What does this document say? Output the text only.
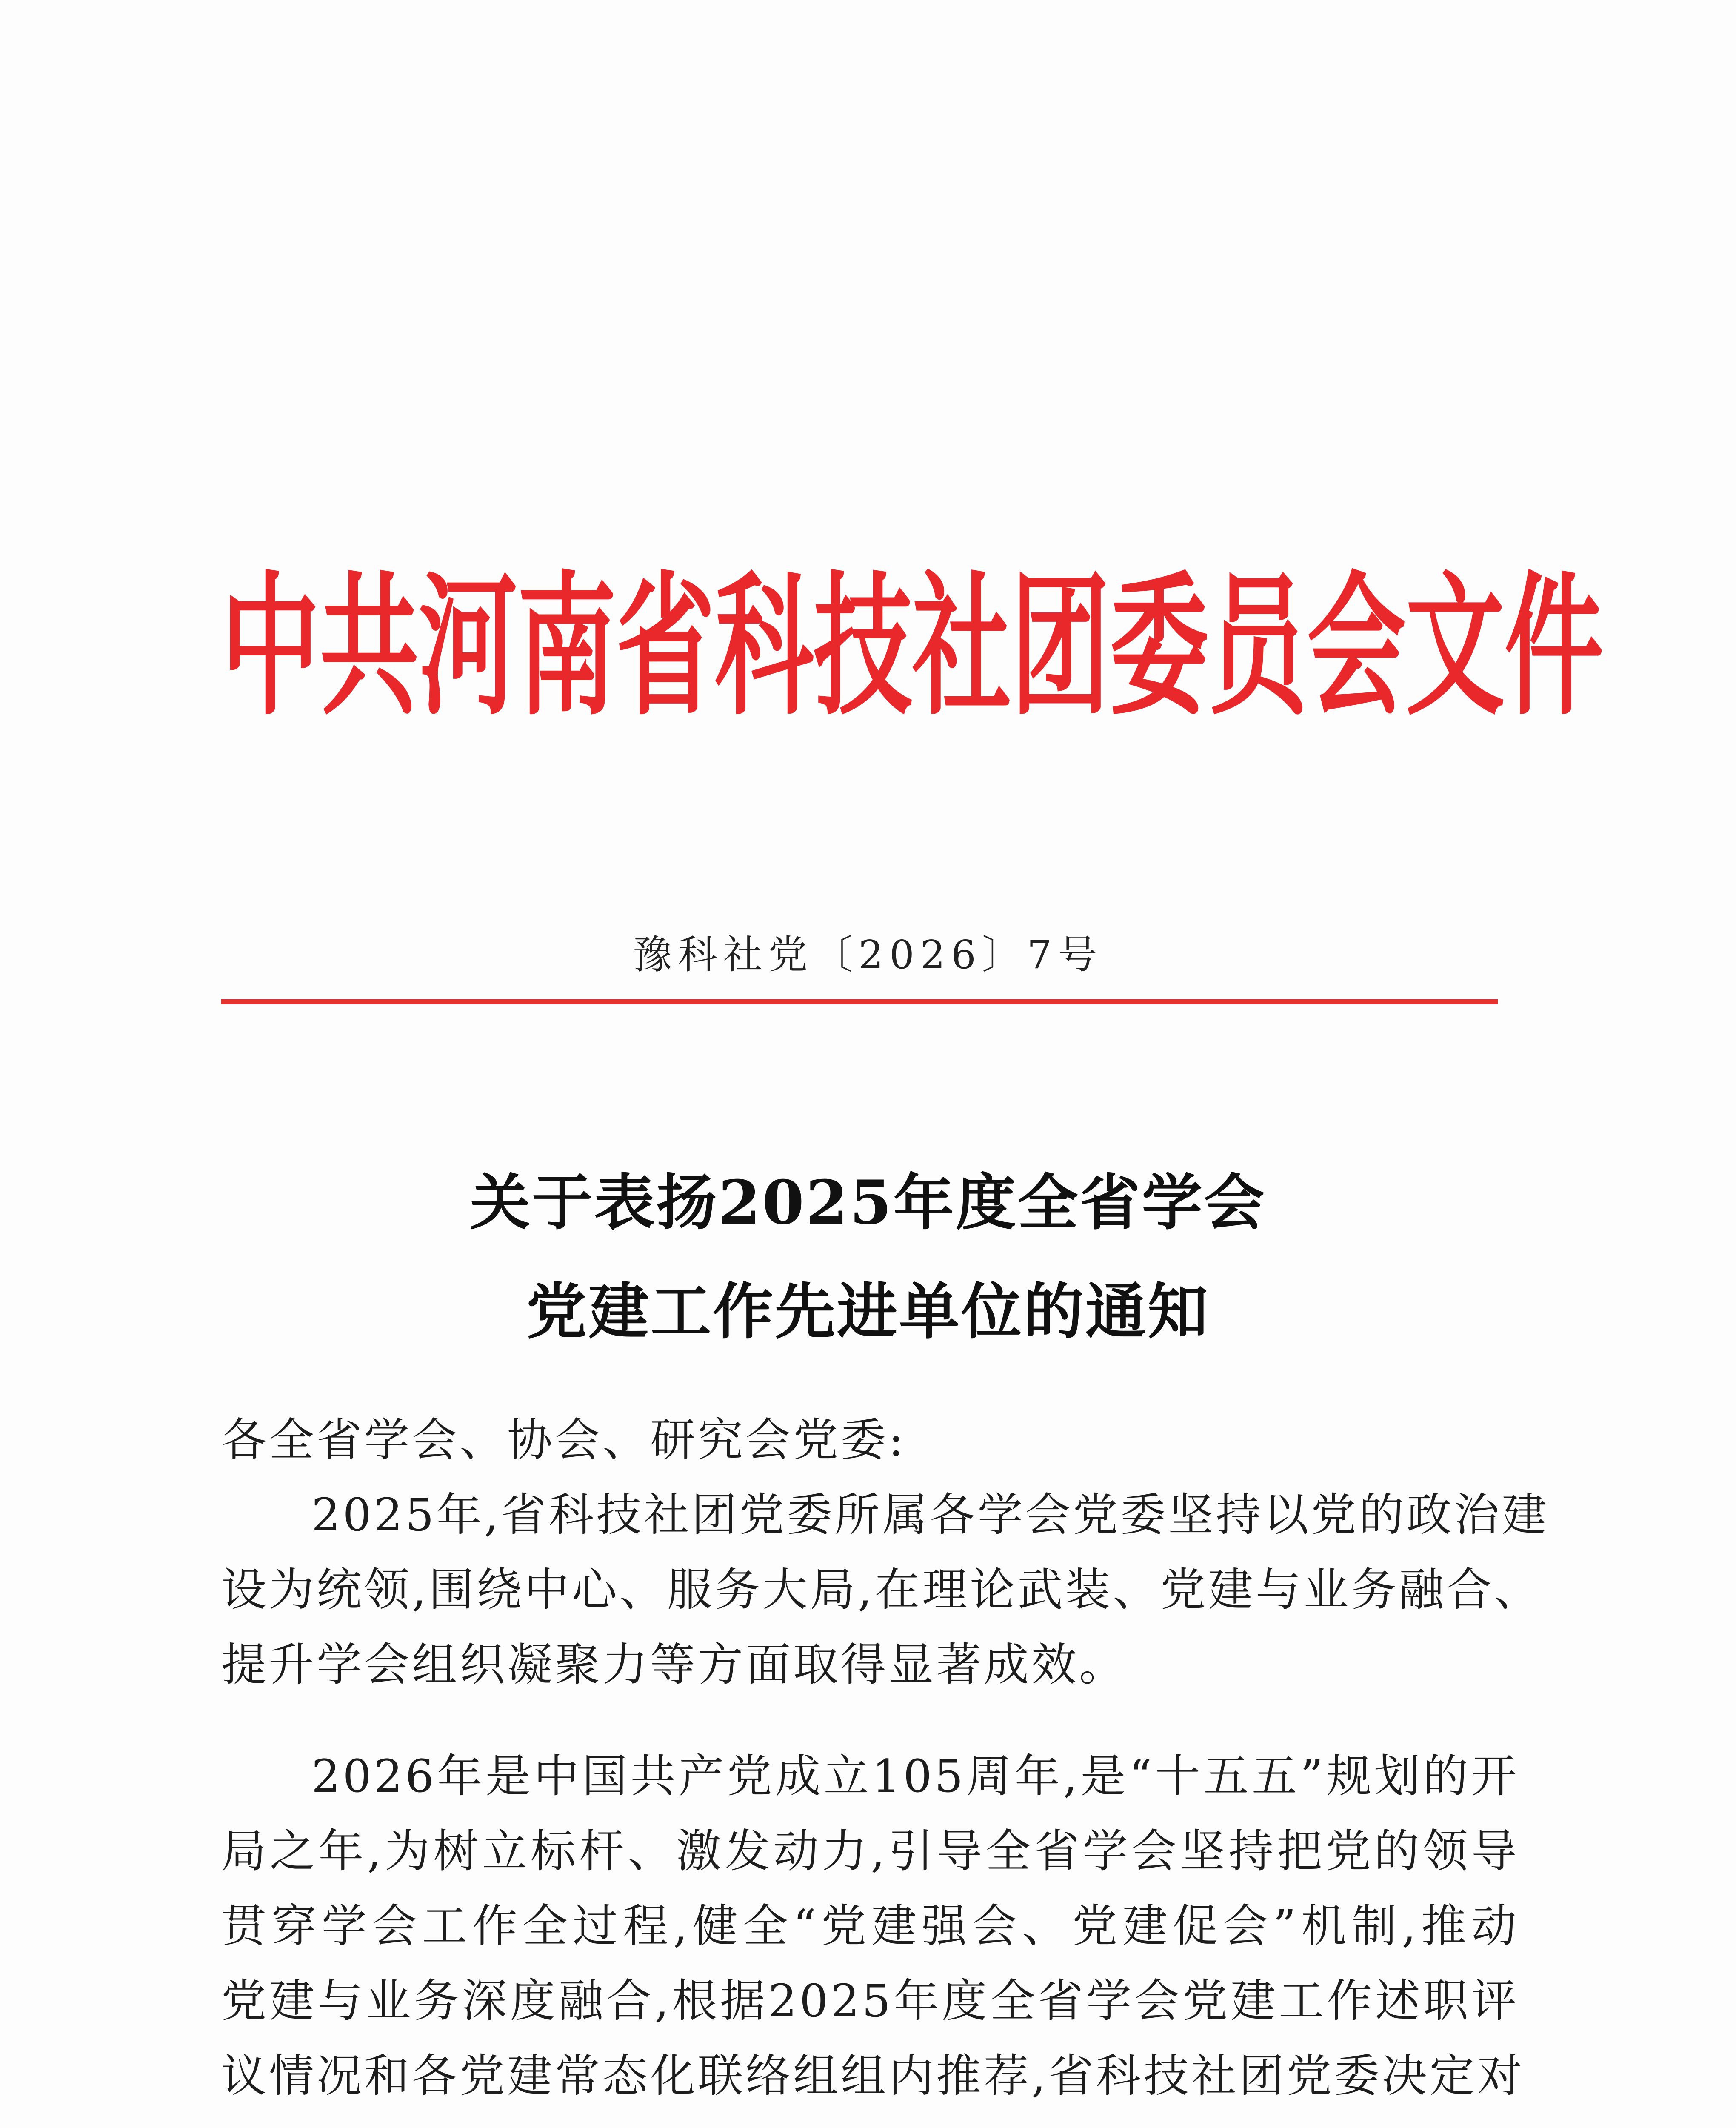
中共河南省科技社团委员会文件
豫科社党〔2026〕7号
关于表扬2025年度全省学会
党建工作先进单位的通知
各全省学会、协会、研究会党委:
2025年,省科技社团党委所属各学会党委坚持以党的政治建
设为统领,围绕中心、服务大局,在理论武装、党建与业务融合、
提升学会组织凝聚力等方面取得显著成效。
2026年是中国共产党成立105周年,是“十五五”规划的开
局之年,为树立标杆、激发动力,引导全省学会坚持把党的领导
贯穿学会工作全过程,健全“党建强会、党建促会”机制,推动
党建与业务深度融合,根据2025年度全省学会党建工作述职评
议情况和各党建常态化联络组组内推荐,省科技社团党委决定对
